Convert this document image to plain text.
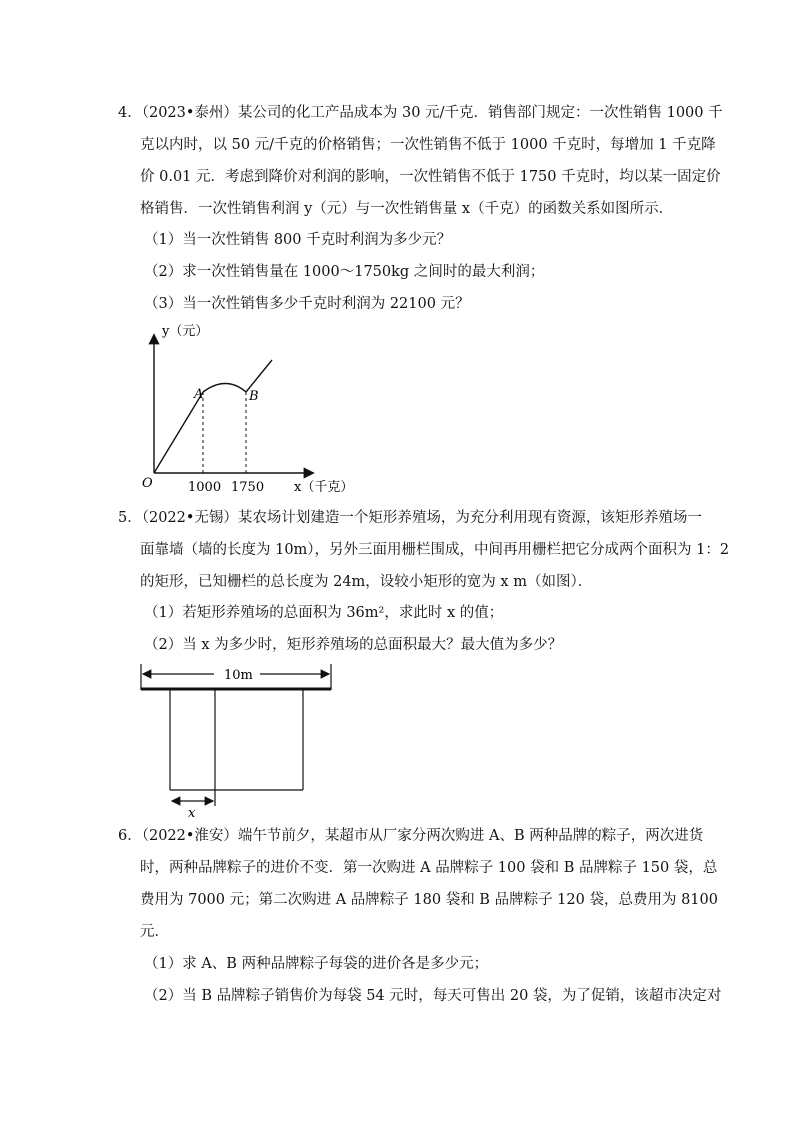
4．（2023•泰州）某公司的化工产品成本为 30 元/千克．销售部门规定：一次性销售 1000 千
克以内时，以 50 元/千克的价格销售；一次性销售不低于 1000 千克时，每增加 1 千克降
价 0.01 元．考虑到降价对利润的影响，一次性销售不低于 1750 千克时，均以某一固定价
格销售．一次性销售利润 y（元）与一次性销售量 x（千克）的函数关系如图所示．
（1）当一次性销售 800 千克时利润为多少元？
（2）求一次性销售量在 1000～1750kg 之间时的最大利润；
（3）当一次性销售多少千克时利润为 22100 元？
y（元）
x（千克）
O
A	B
1000 1750
5．（2022•无锡）某农场计划建造一个矩形养殖场，为充分利用现有资源，该矩形养殖场一
面靠墙（墙的长度为 10m），另外三面用栅栏围成，中间再用栅栏把它分成两个面积为 1：2
的矩形，已知栅栏的总长度为 24m，设较小矩形的宽为 x m（如图）．
（1）若矩形养殖场的总面积为 36m²，求此时 x 的值；
（2）当 x 为多少时，矩形养殖场的总面积最大？最大值为多少？
10m
x
6．（2022•淮安）端午节前夕，某超市从厂家分两次购进 A、B 两种品牌的粽子，两次进货
时，两种品牌粽子的进价不变．第一次购进 A 品牌粽子 100 袋和 B 品牌粽子 150 袋，总
费用为 7000 元；第二次购进 A 品牌粽子 180 袋和 B 品牌粽子 120 袋，总费用为 8100
元．
（1）求 A、B 两种品牌粽子每袋的进价各是多少元；
（2）当 B 品牌粽子销售价为每袋 54 元时，每天可售出 20 袋，为了促销，该超市决定对
